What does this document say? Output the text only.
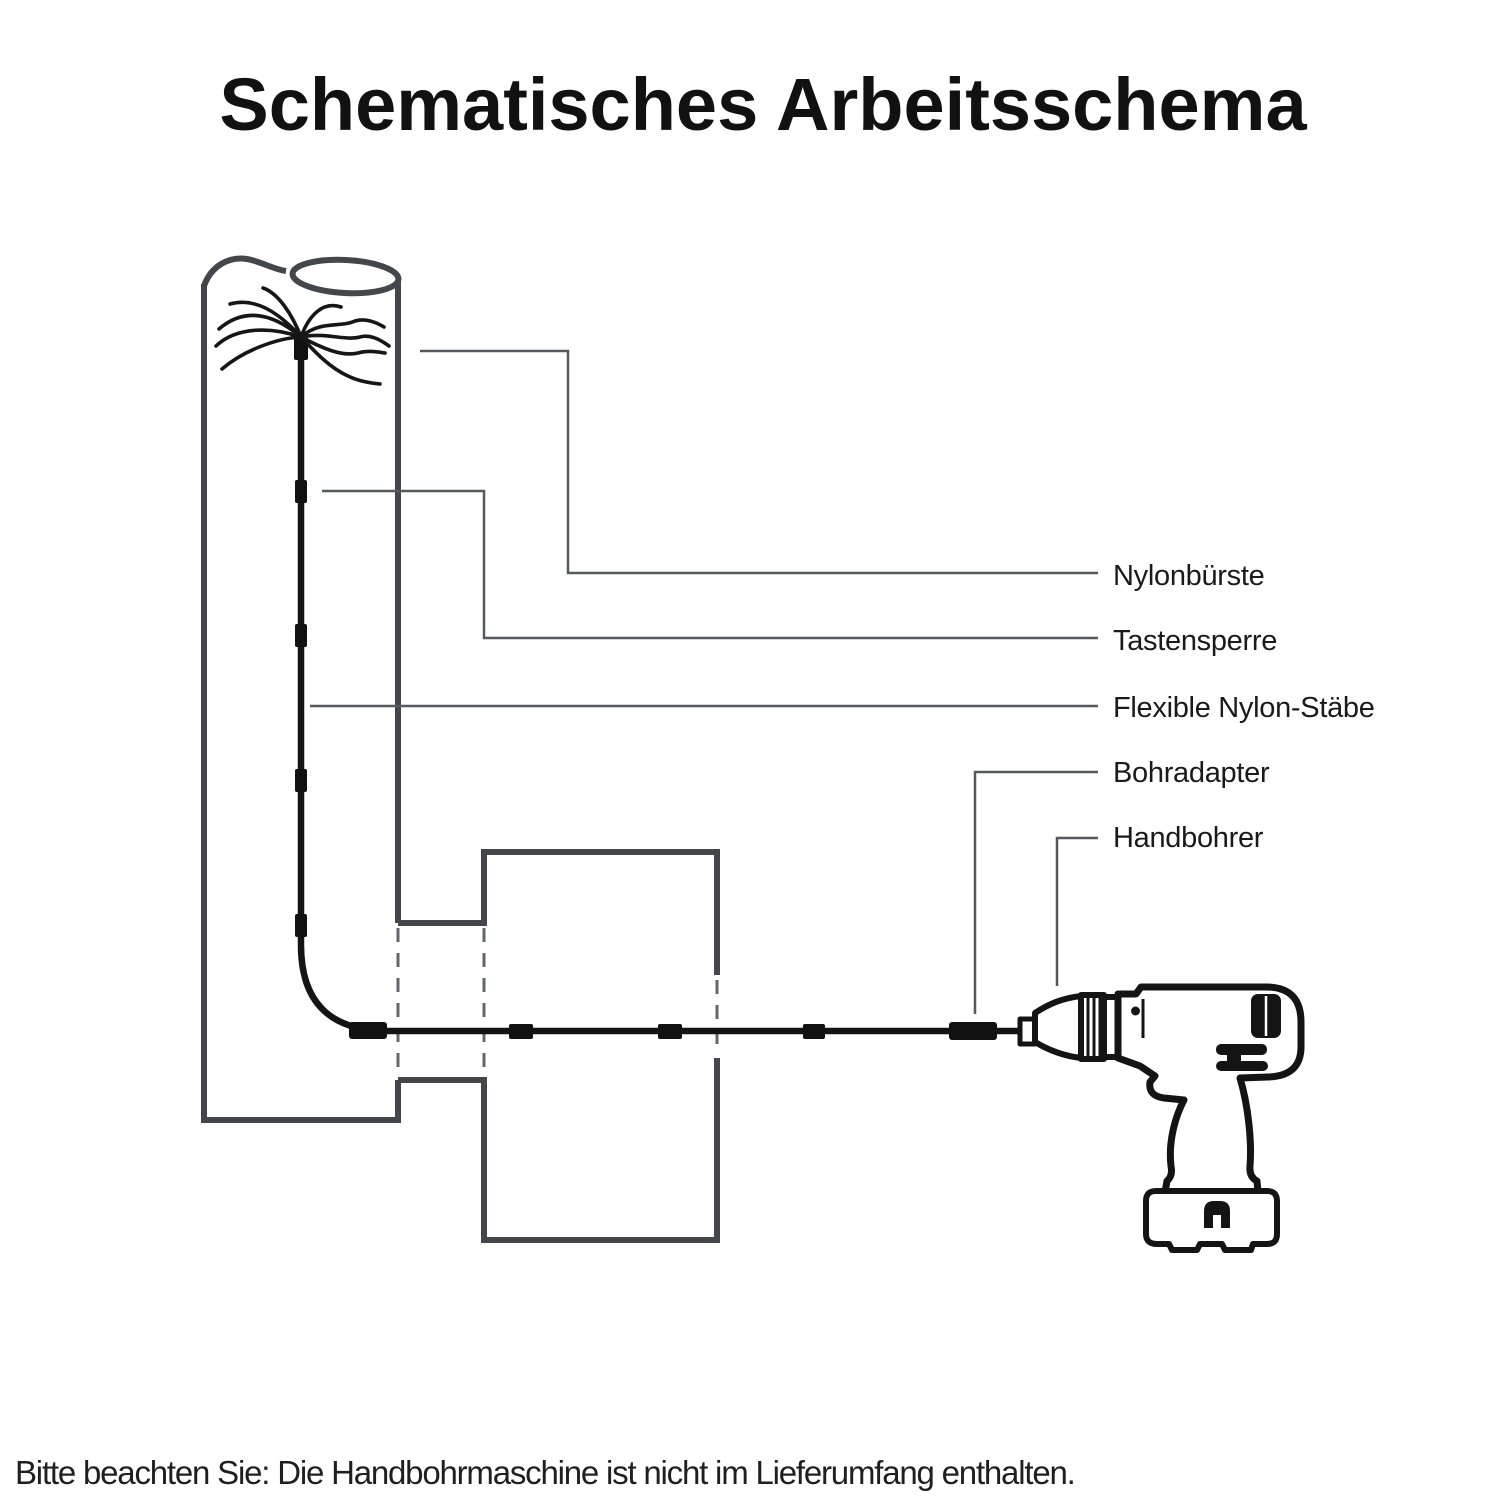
Schematisches Arbeitsschema
Nylonbürste
Tastensperre
Flexible Nylon-Stäbe
Bohradapter
Handbohrer
Bitte beachten Sie: Die Handbohrmaschine ist nicht im Lieferumfang enthalten.
